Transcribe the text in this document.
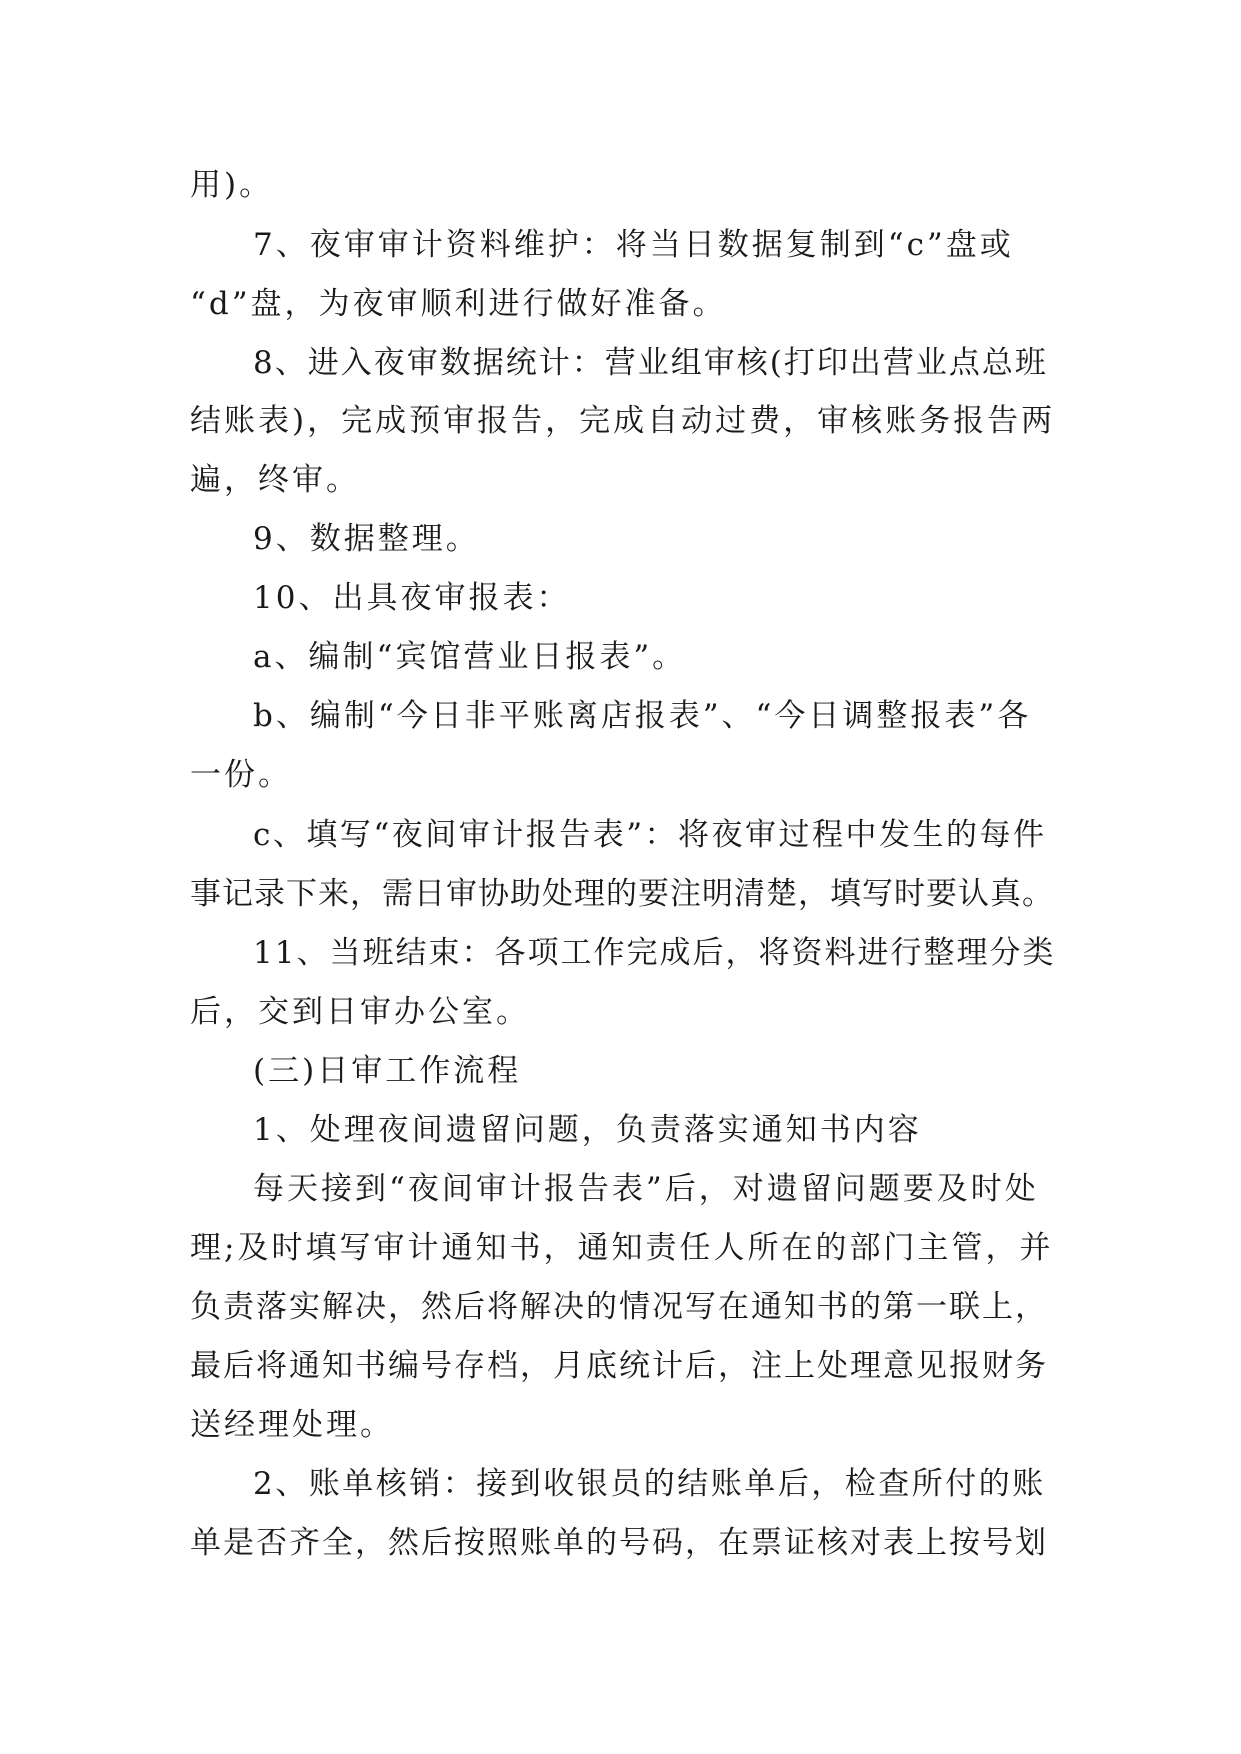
用)。
7、夜审审计资料维护：将当日数据复制到“c”盘或
“d”盘，为夜审顺利进行做好准备。
8、进入夜审数据统计：营业组审核(打印出营业点总班
结账表)，完成预审报告，完成自动过费，审核账务报告两
遍，终审。
9、数据整理。
10、出具夜审报表：
a、编制“宾馆营业日报表”。
b、编制“今日非平账离店报表”、“今日调整报表”各
一份。
c、填写“夜间审计报告表”：将夜审过程中发生的每件
事记录下来，需日审协助处理的要注明清楚，填写时要认真。
11、当班结束：各项工作完成后，将资料进行整理分类
后，交到日审办公室。
(三)日审工作流程
1、处理夜间遗留问题，负责落实通知书内容
每天接到“夜间审计报告表”后，对遗留问题要及时处
理;及时填写审计通知书，通知责任人所在的部门主管，并
负责落实解决，然后将解决的情况写在通知书的第一联上，
最后将通知书编号存档，月底统计后，注上处理意见报财务
送经理处理。
2、账单核销：接到收银员的结账单后，检查所付的账
单是否齐全，然后按照账单的号码，在票证核对表上按号划
